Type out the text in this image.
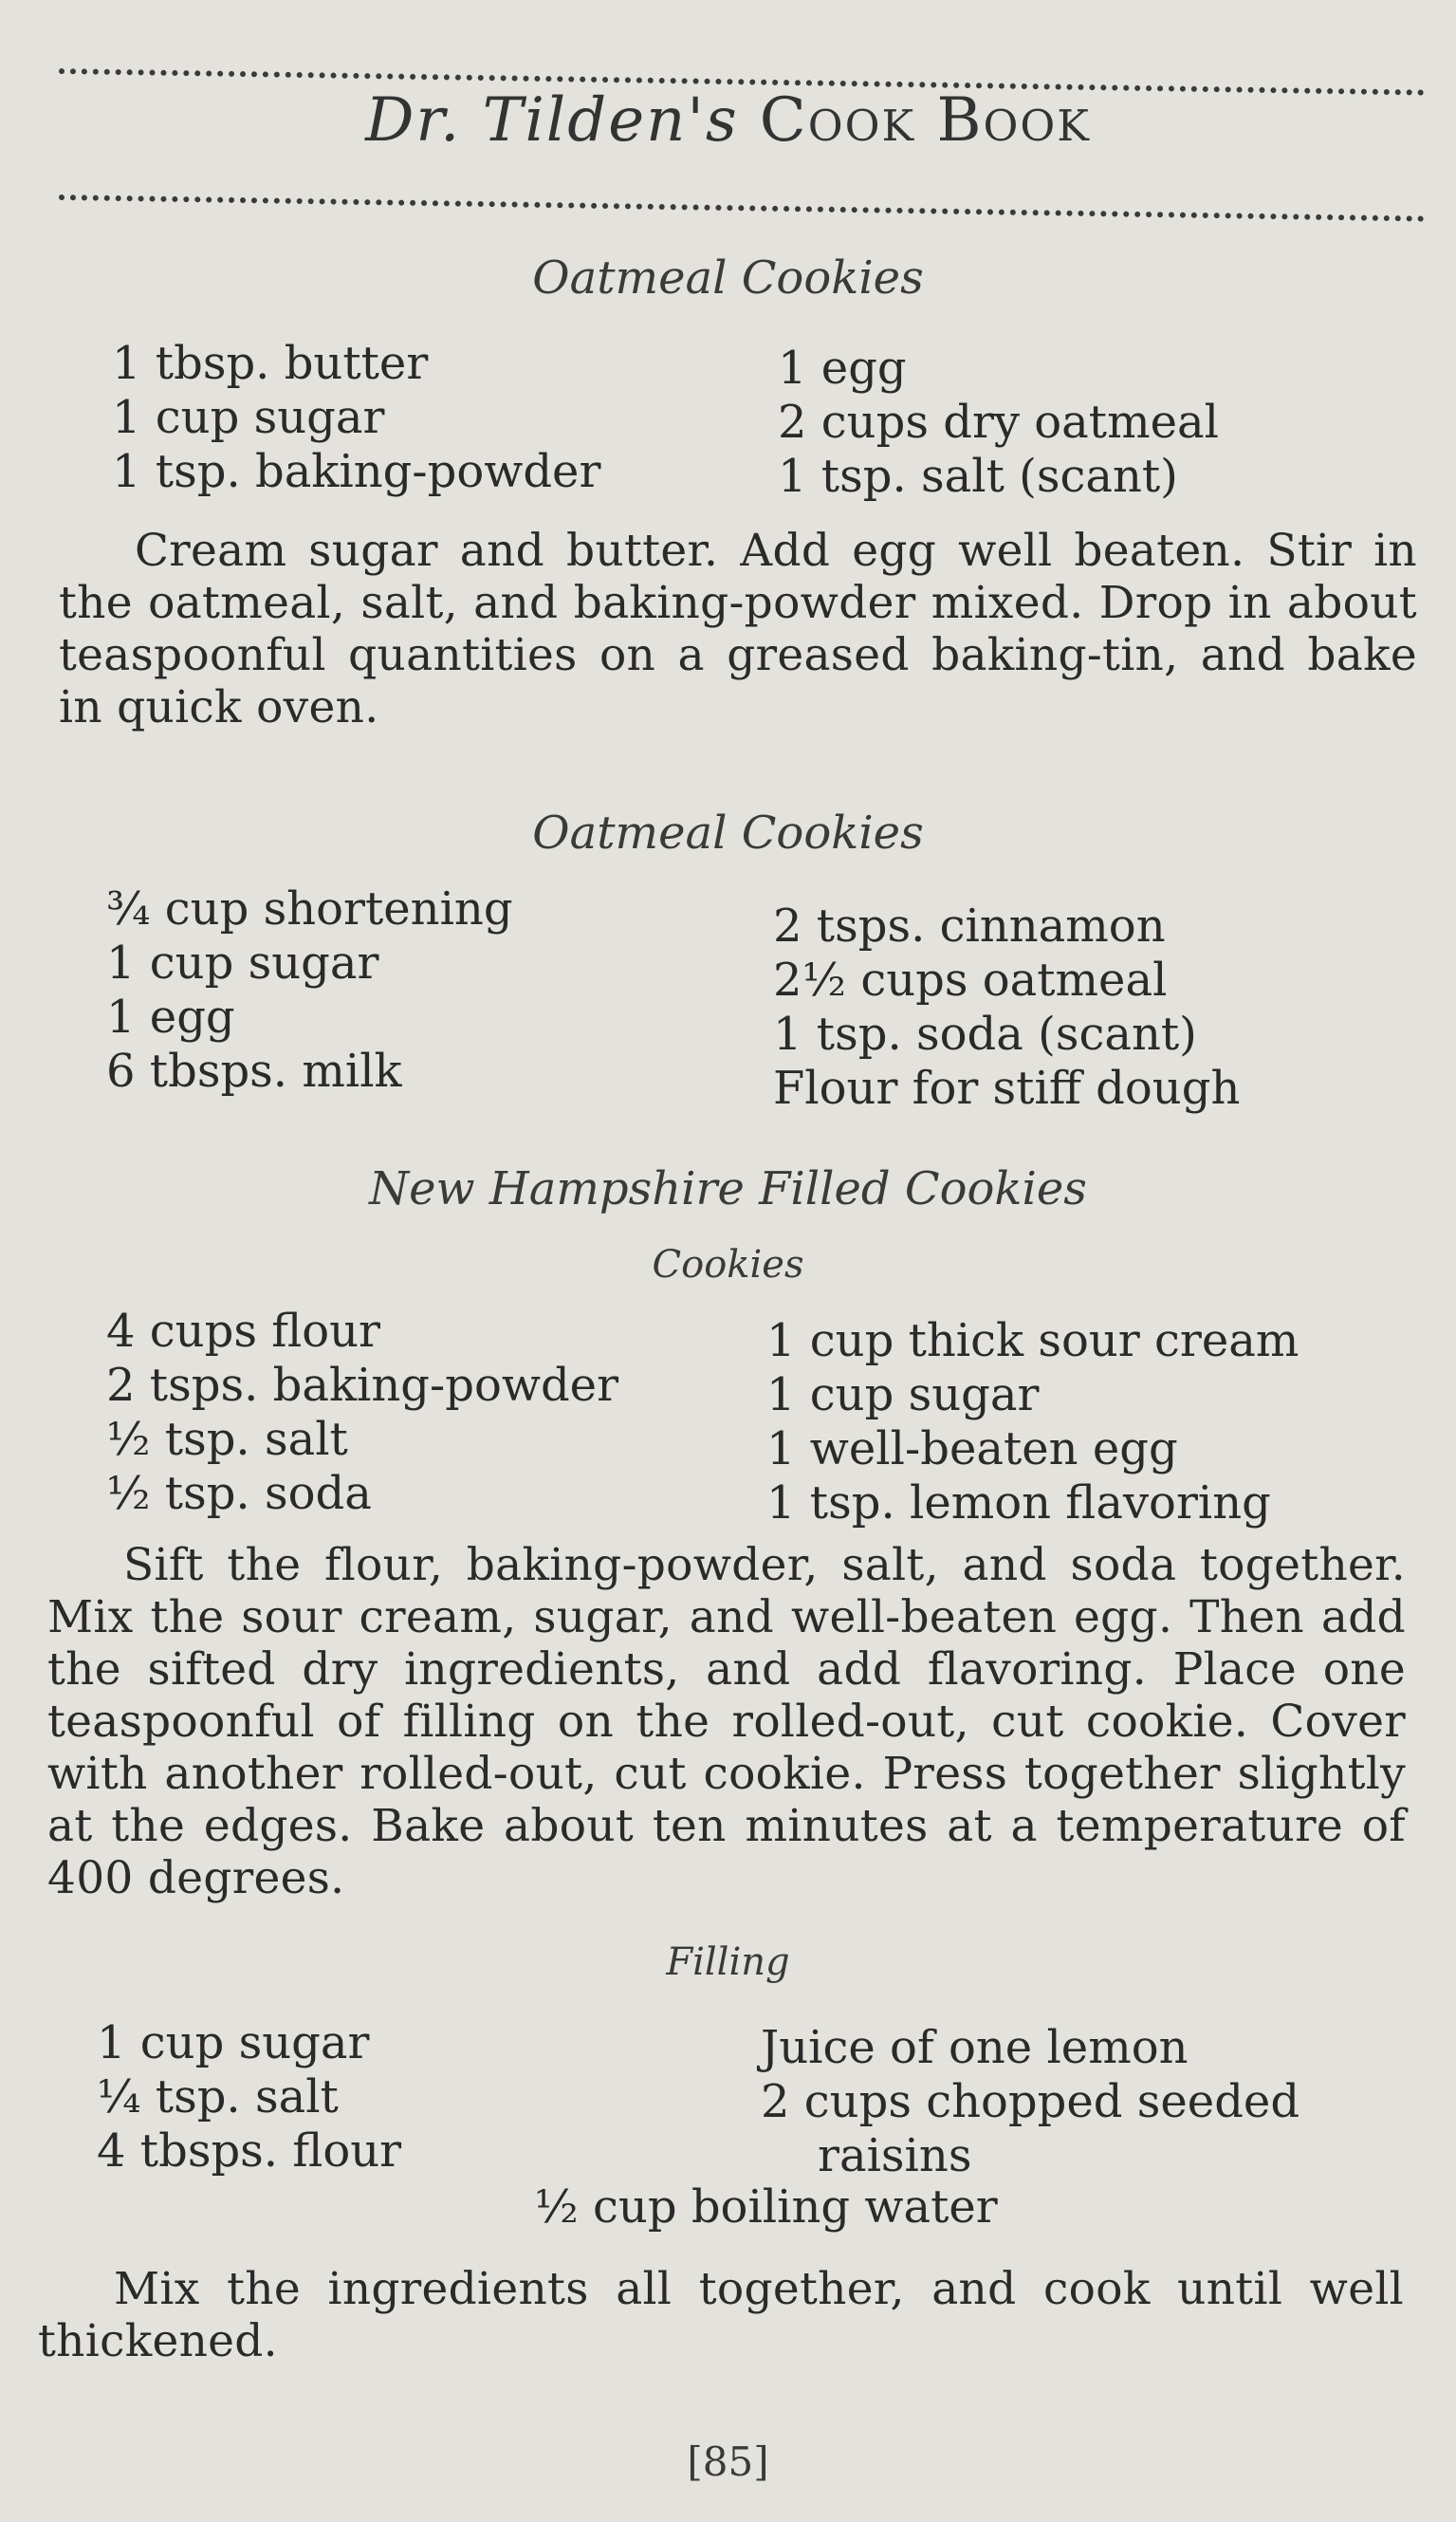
Dr. Tilden's Cook Book
Oatmeal Cookies
1 tbsp. butter
1 cup sugar
1 tsp. baking-powder
1 egg
2 cups dry oatmeal
1 tsp. salt (scant)

Cream sugar and butter. Add egg well beaten. Stir in the oatmeal, salt, and baking-powder mixed. Drop in about teaspoonful quantities on a greased baking-tin, and bake in quick oven.

Oatmeal Cookies
¾ cup shortening
1 cup sugar
1 egg
6 tbsps. milk
2 tsps. cinnamon
2½ cups oatmeal
1 tsp. soda (scant)
Flour for stiff dough
New Hampshire Filled Cookies
Cookies
4 cups flour
2 tsps. baking-powder
½ tsp. salt
½ tsp. soda
1 cup thick sour cream
1 cup sugar
1 well-beaten egg
1 tsp. lemon flavoring

Sift the flour, baking-powder, salt, and soda together. Mix the sour cream, sugar, and well-beaten egg. Then add the sifted dry ingredients, and add flavoring. Place one teaspoonful of filling on the rolled-out, cut cookie. Cover with another rolled-out, cut cookie. Press together slightly at the edges. Bake about ten minutes at a temperature of 400 degrees.

Filling
1 cup sugar
¼ tsp. salt
4 tbsps. flour
Juice of one lemon
2 cups chopped seeded
raisins
½ cup boiling water

Mix the ingredients all together, and cook until well thickened.

[85]
